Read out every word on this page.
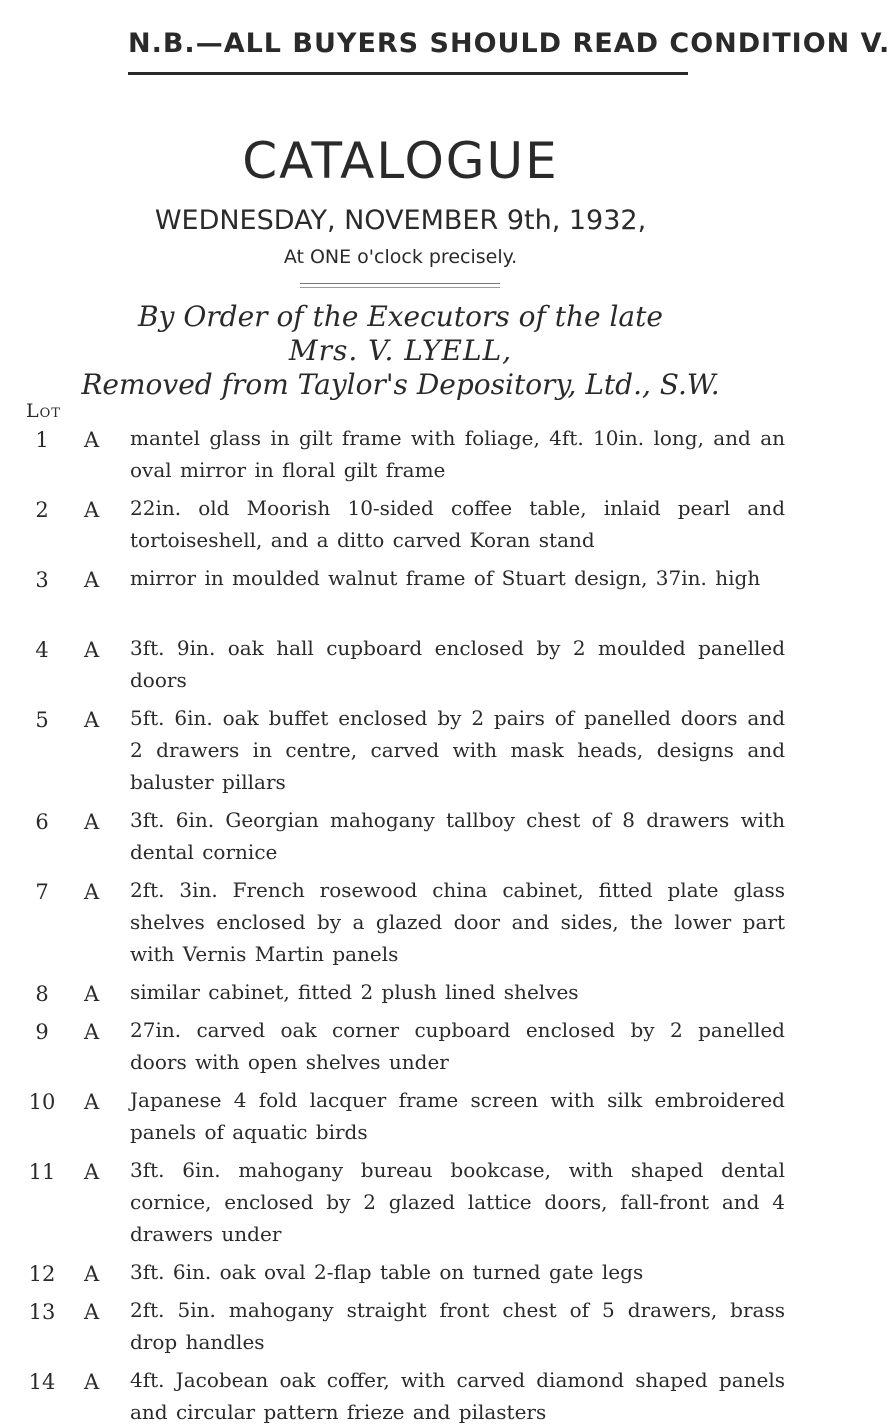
N.B.—ALL BUYERS SHOULD READ CONDITION V.
CATALOGUE
WEDNESDAY, NOVEMBER 9th, 1932,
At ONE o'clock precisely.
By Order of the Executors of the late
Mrs. V. LYELL,
Removed from Taylor's Depository, Ltd., S.W.
Lot
1	A mantel glass in gilt frame with foliage, 4ft. 10in. long, and an oval mirror in floral gilt frame
2	A 22in. old Moorish 10-sided coffee table, inlaid pearl and tortoiseshell, and a ditto carved Koran stand
3	A mirror in moulded walnut frame of Stuart design, 37in. high
4	A 3ft. 9in. oak hall cupboard enclosed by 2 moulded panelled doors
5	A 5ft. 6in. oak buffet enclosed by 2 pairs of panelled doors and 2 drawers in centre, carved with mask heads, designs and baluster pillars
6	A 3ft. 6in. Georgian mahogany tallboy chest of 8 drawers with dental cornice
7	A 2ft. 3in. French rosewood china cabinet, fitted plate glass shelves enclosed by a glazed door and sides, the lower part with Vernis Martin panels
8	A similar cabinet, fitted 2 plush lined shelves
9	A 27in. carved oak corner cupboard enclosed by 2 panelled doors with open shelves under
10	A Japanese 4 fold lacquer frame screen with silk embroidered panels of aquatic birds
11	A 3ft. 6in. mahogany bureau bookcase, with shaped dental cornice, enclosed by 2 glazed lattice doors, fall-front and 4 drawers under
12	A 3ft. 6in. oak oval 2-flap table on turned gate legs
13	A 2ft. 5in. mahogany straight front chest of 5 drawers, brass drop handles
14	A 4ft. Jacobean oak coffer, with carved diamond shaped panels and circular pattern frieze and pilasters
